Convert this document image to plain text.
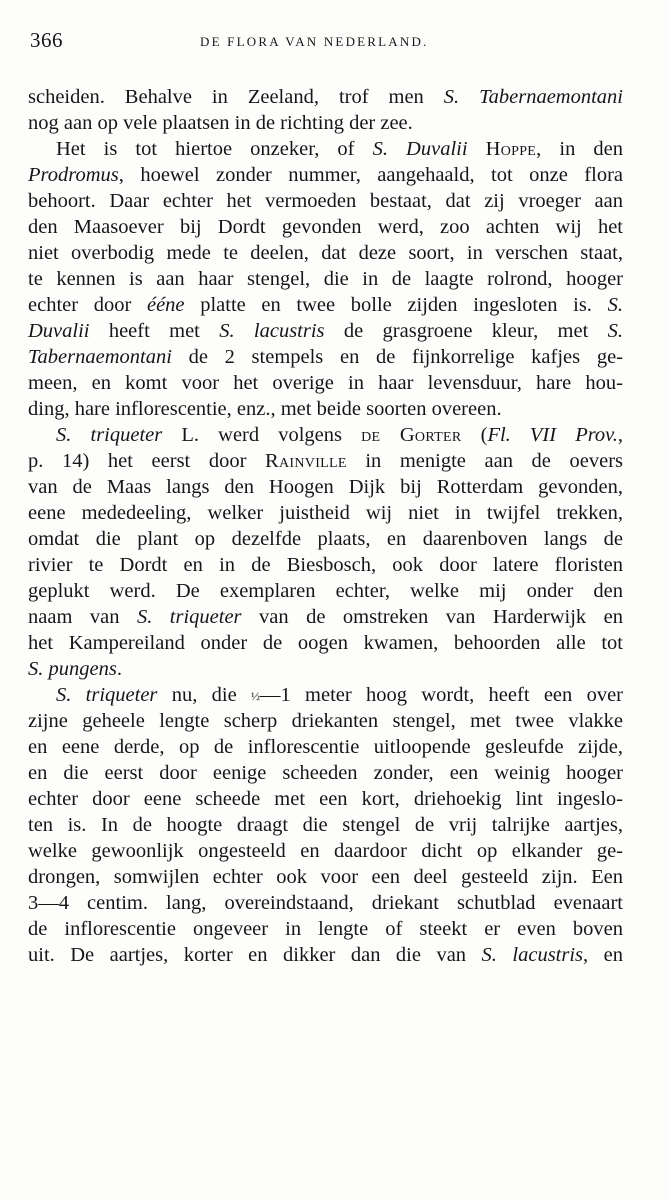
366	DE FLORA VAN NEDERLAND.
scheiden. Behalve in Zeeland, trof men S. Tabernaemontani
nog aan op vele plaatsen in de richting der zee.
Het is tot hiertoe onzeker, of S. Duvalii Hoppe, in den
Prodromus, hoewel zonder nummer, aangehaald, tot onze flora
behoort. Daar echter het vermoeden bestaat, dat zij vroeger aan
den Maasoever bij Dordt gevonden werd, zoo achten wij het
niet overbodig mede te deelen, dat deze soort, in verschen staat,
te kennen is aan haar stengel, die in de laagte rolrond, hooger
echter door ééne platte en twee bolle zijden ingesloten is. S.
Duvalii heeft met S. lacustris de grasgroene kleur, met S.
Tabernaemontani de 2 stempels en de fijnkorrelige kafjes ge-
meen, en komt voor het overige in haar levensduur, hare hou-
ding, hare inflorescentie, enz., met beide soorten overeen.
S. triqueter L. werd volgens de Gorter (Fl. VII Prov.,
p. 14) het eerst door Rainville in menigte aan de oevers
van de Maas langs den Hoogen Dijk bij Rotterdam gevonden,
eene mededeeling, welker juistheid wij niet in twijfel trekken,
omdat die plant op dezelfde plaats, en daarenboven langs de
rivier te Dordt en in de Biesbosch, ook door latere floristen
geplukt werd. De exemplaren echter, welke mij onder den
naam van S. triqueter van de omstreken van Harderwijk en
het Kampereiland onder de oogen kwamen, behoorden alle tot
S. pungens.
S. triqueter nu, die ½—1 meter hoog wordt, heeft een over
zijne geheele lengte scherp driekanten stengel, met twee vlakke
en eene derde, op de inflorescentie uitloopende gesleufde zijde,
en die eerst door eenige scheeden zonder, een weinig hooger
echter door eene scheede met een kort, driehoekig lint ingeslo-
ten is. In de hoogte draagt die stengel de vrij talrijke aartjes,
welke gewoonlijk ongesteeld en daardoor dicht op elkander ge-
drongen, somwijlen echter ook voor een deel gesteeld zijn. Een
3—4 centim. lang, overeindstaand, driekant schutblad evenaart
de inflorescentie ongeveer in lengte of steekt er even boven
uit. De aartjes, korter en dikker dan die van S. lacustris, en
